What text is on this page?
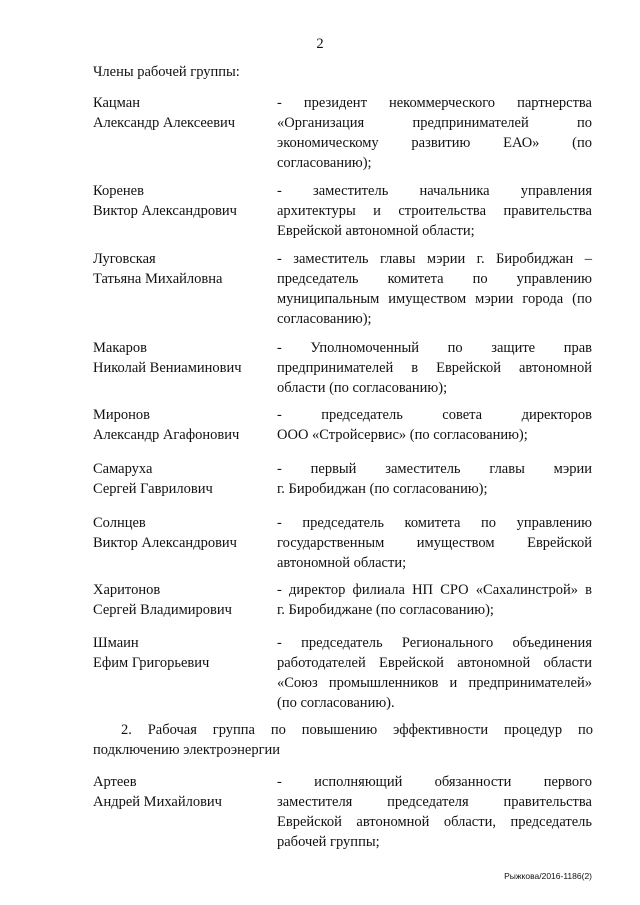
2
Члены рабочей группы:
Кацман
Александр Алексеевич
- президент некоммерческого партнерства
«Организация предпринимателей по
экономическому развитию ЕАО» (по
согласованию);
Коренев
Виктор Александрович
- заместитель начальника управления
архитектуры и строительства правительства
Еврейской автономной области;
Луговская
Татьяна Михайловна
- заместитель главы мэрии г. Биробиджан –
председатель комитета по управлению
муниципальным имуществом мэрии города (по
согласованию);
Макаров
Николай Вениаминович
- Уполномоченный по защите прав
предпринимателей в Еврейской автономной
области (по согласованию);
Миронов
Александр Агафонович
- председатель совета директоров
ООО «Стройсервис» (по согласованию);
Самаруха
Сергей Гаврилович
- первый заместитель главы мэрии
г. Биробиджан (по согласованию);
Солнцев
Виктор Александрович
- председатель комитета по управлению
государственным имуществом Еврейской
автономной области;
Харитонов
Сергей Владимирович
- директор филиала НП СРО «Сахалинстрой» в
г. Биробиджане (по согласованию);
Шмаин
Ефим Григорьевич
- председатель Регионального объединения
работодателей Еврейской автономной области
«Союз промышленников и предпринимателей»
(по согласованию).
2. Рабочая группа по повышению эффективности процедур по
подключению электроэнергии
Артеев
Андрей Михайлович
- исполняющий обязанности первого
заместителя председателя правительства
Еврейской автономной области, председатель
рабочей группы;
Рыжкова/2016-1186(2)
